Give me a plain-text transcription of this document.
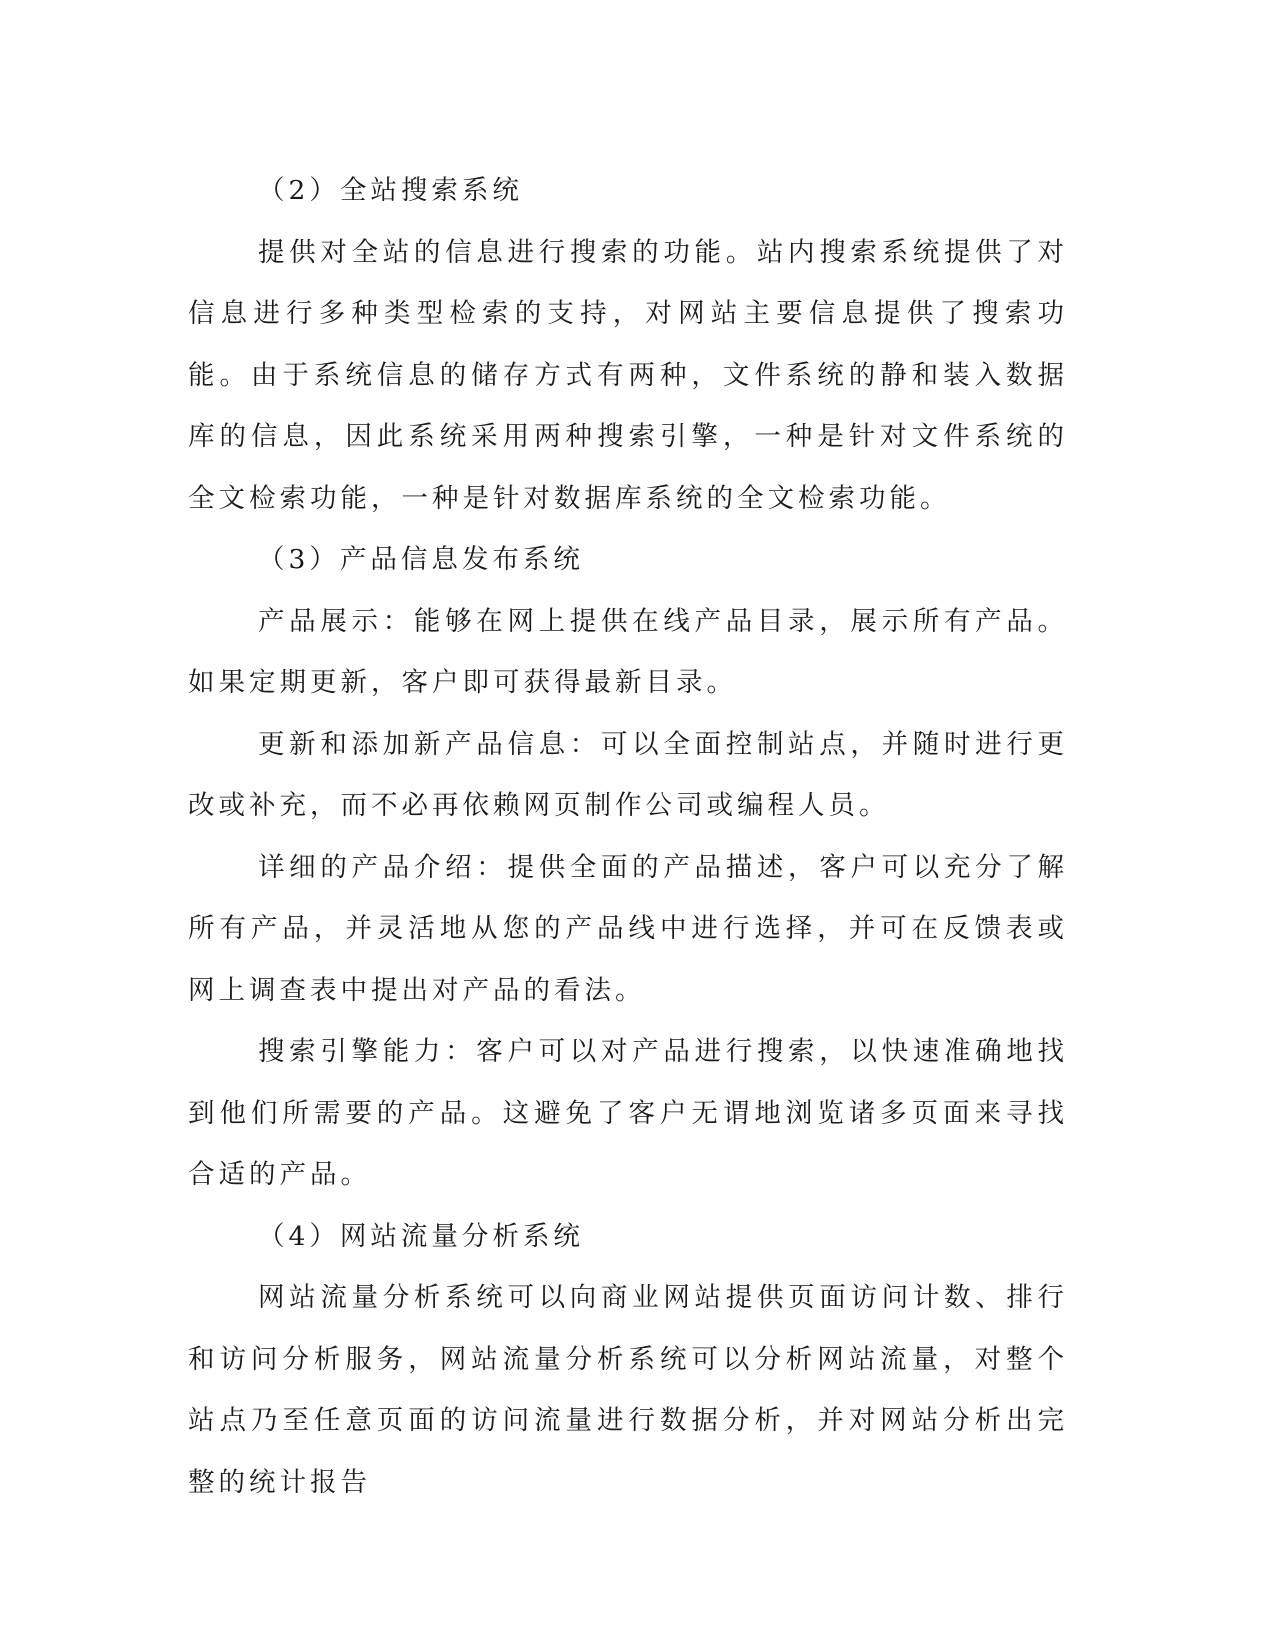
（2）全站搜索系统

提供对全站的信息进行搜索的功能。站内搜索系统提供了对信息进行多种类型检索的支持，对网站主要信息提供了搜索功能。由于系统信息的储存方式有两种，文件系统的静和装入数据库的信息，因此系统采用两种搜索引擎，一种是针对文件系统的全文检索功能，一种是针对数据库系统的全文检索功能。

（3）产品信息发布系统

产品展示：能够在网上提供在线产品目录，展示所有产品。如果定期更新，客户即可获得最新目录。

更新和添加新产品信息：可以全面控制站点，并随时进行更改或补充，而不必再依赖网页制作公司或编程人员。

详细的产品介绍：提供全面的产品描述，客户可以充分了解所有产品，并灵活地从您的产品线中进行选择，并可在反馈表或网上调查表中提出对产品的看法。

搜索引擎能力：客户可以对产品进行搜索，以快速准确地找到他们所需要的产品。这避免了客户无谓地浏览诸多页面来寻找合适的产品。

（4）网站流量分析系统

网站流量分析系统可以向商业网站提供页面访问计数、排行和访问分析服务，网站流量分析系统可以分析网站流量，对整个站点乃至任意页面的访问流量进行数据分析，并对网站分析出完整的统计报告
